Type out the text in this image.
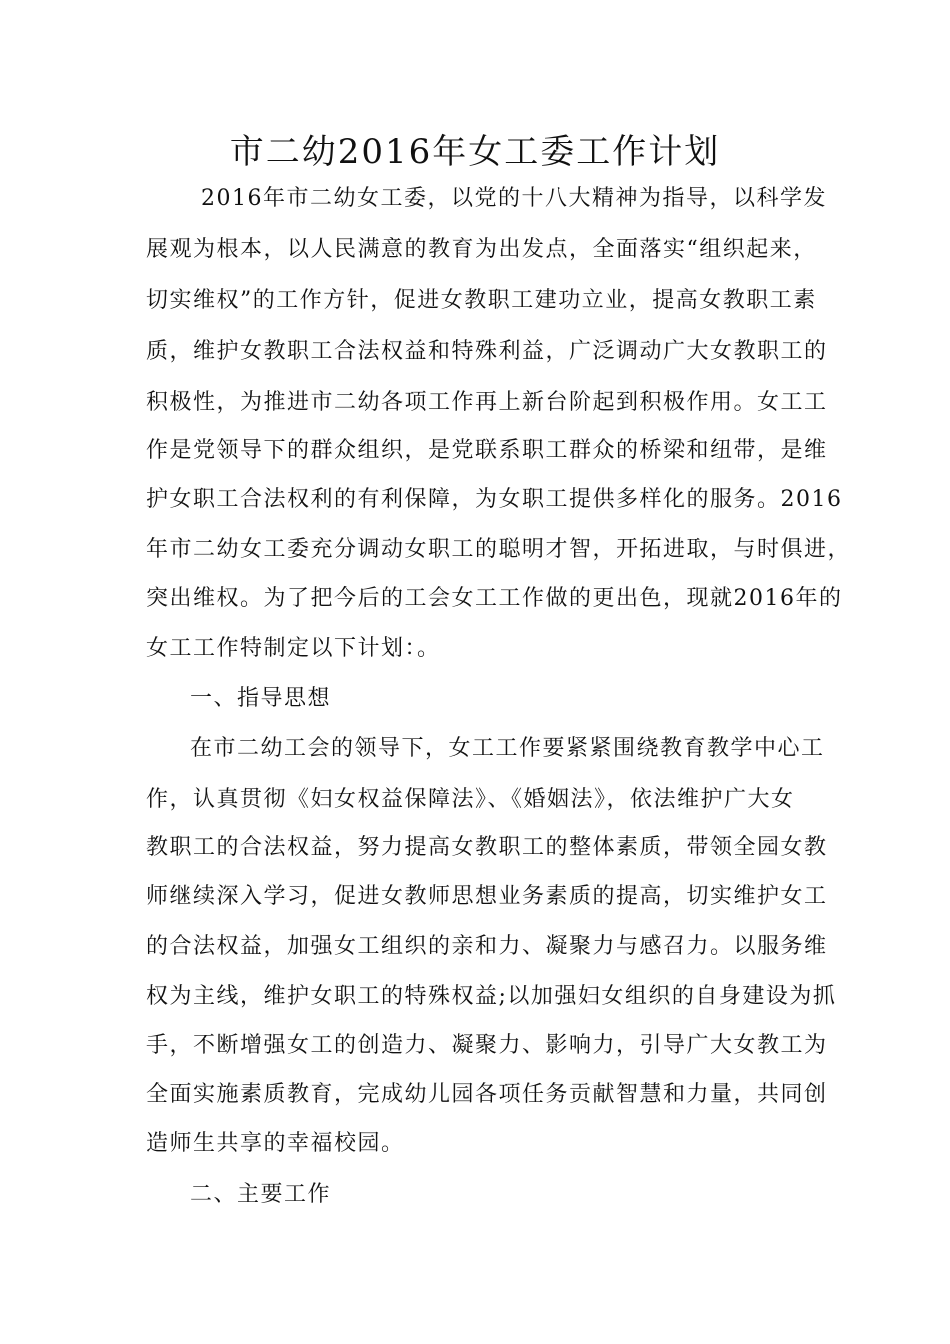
市二幼2016年女工委工作计划
2016年市二幼女工委，以党的十八大精神为指导，以科学发
展观为根本，以人民满意的教育为出发点，全面落实“组织起来，
切实维权”的工作方针，促进女教职工建功立业，提高女教职工素
质，维护女教职工合法权益和特殊利益，广泛调动广大女教职工的
积极性，为推进市二幼各项工作再上新台阶起到积极作用。女工工
作是党领导下的群众组织，是党联系职工群众的桥梁和纽带，是维
护女职工合法权利的有利保障，为女职工提供多样化的服务。2016
年市二幼女工委充分调动女职工的聪明才智，开拓进取，与时俱进，
突出维权。为了把今后的工会女工工作做的更出色，现就2016年的
女工工作特制定以下计划：。
一、指导思想
在市二幼工会的领导下，女工工作要紧紧围绕教育教学中心工
作，认真贯彻《妇女权益保障法》、《婚姻法》，依法维护广大女
教职工的合法权益，努力提高女教职工的整体素质，带领全园女教
师继续深入学习，促进女教师思想业务素质的提高，切实维护女工
的合法权益，加强女工组织的亲和力、凝聚力与感召力。以服务维
权为主线，维护女职工的特殊权益;以加强妇女组织的自身建设为抓
手，不断增强女工的创造力、凝聚力、影响力，引导广大女教工为
全面实施素质教育，完成幼儿园各项任务贡献智慧和力量，共同创
造师生共享的幸福校园。
二、主要工作
